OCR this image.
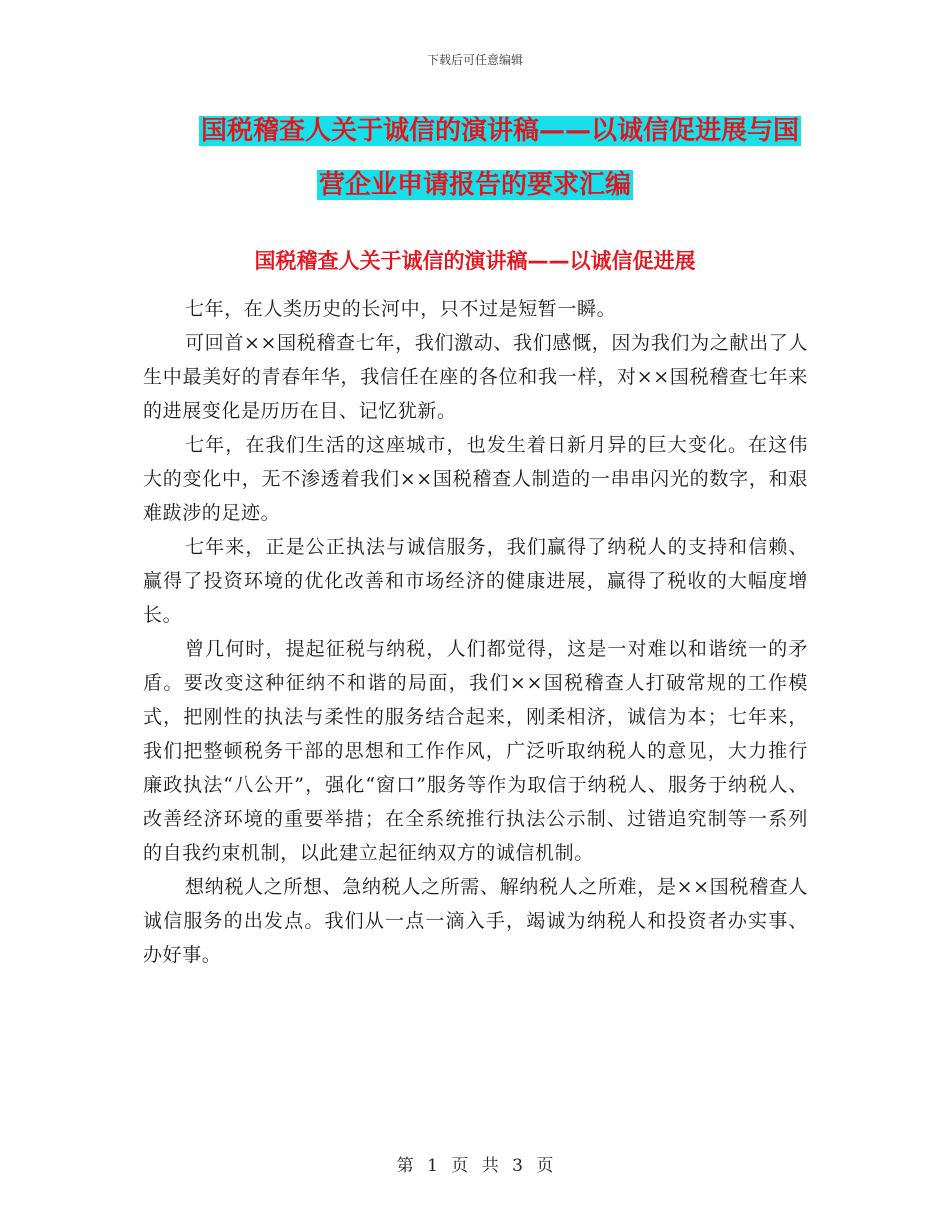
下载后可任意编辑
国税稽查人关于诚信的演讲稿——以诚信促进展与国
营企业申请报告的要求汇编
国税稽查人关于诚信的演讲稿——以诚信促进展

七年，在人类历史的长河中，只不过是短暂一瞬。

可回首××国税稽查七年，我们激动、我们感慨，因为我们为之献出了人生中最美好的青春年华，我信任在座的各位和我一样，对××国税稽查七年来的进展变化是历历在目、记忆犹新。

七年，在我们生活的这座城市，也发生着日新月异的巨大变化。在这伟大的变化中，无不渗透着我们××国税稽查人制造的一串串闪光的数字，和艰难跋涉的足迹。

七年来，正是公正执法与诚信服务，我们赢得了纳税人的支持和信赖、赢得了投资环境的优化改善和市场经济的健康进展，赢得了税收的大幅度增长。

曾几何时，提起征税与纳税，人们都觉得，这是一对难以和谐统一的矛盾。要改变这种征纳不和谐的局面，我们××国税稽查人打破常规的工作模式，把刚性的执法与柔性的服务结合起来，刚柔相济，诚信为本；七年来，我们把整顿税务干部的思想和工作作风，广泛听取纳税人的意见，大力推行廉政执法“八公开”，强化“窗口”服务等作为取信于纳税人、服务于纳税人、改善经济环境的重要举措；在全系统推行执法公示制、过错追究制等一系列的自我约束机制，以此建立起征纳双方的诚信机制。

想纳税人之所想、急纳税人之所需、解纳税人之所难，是××国税稽查人诚信服务的出发点。我们从一点一滴入手，竭诚为纳税人和投资者办实事、办好事。

第 1 页 共 3 页
